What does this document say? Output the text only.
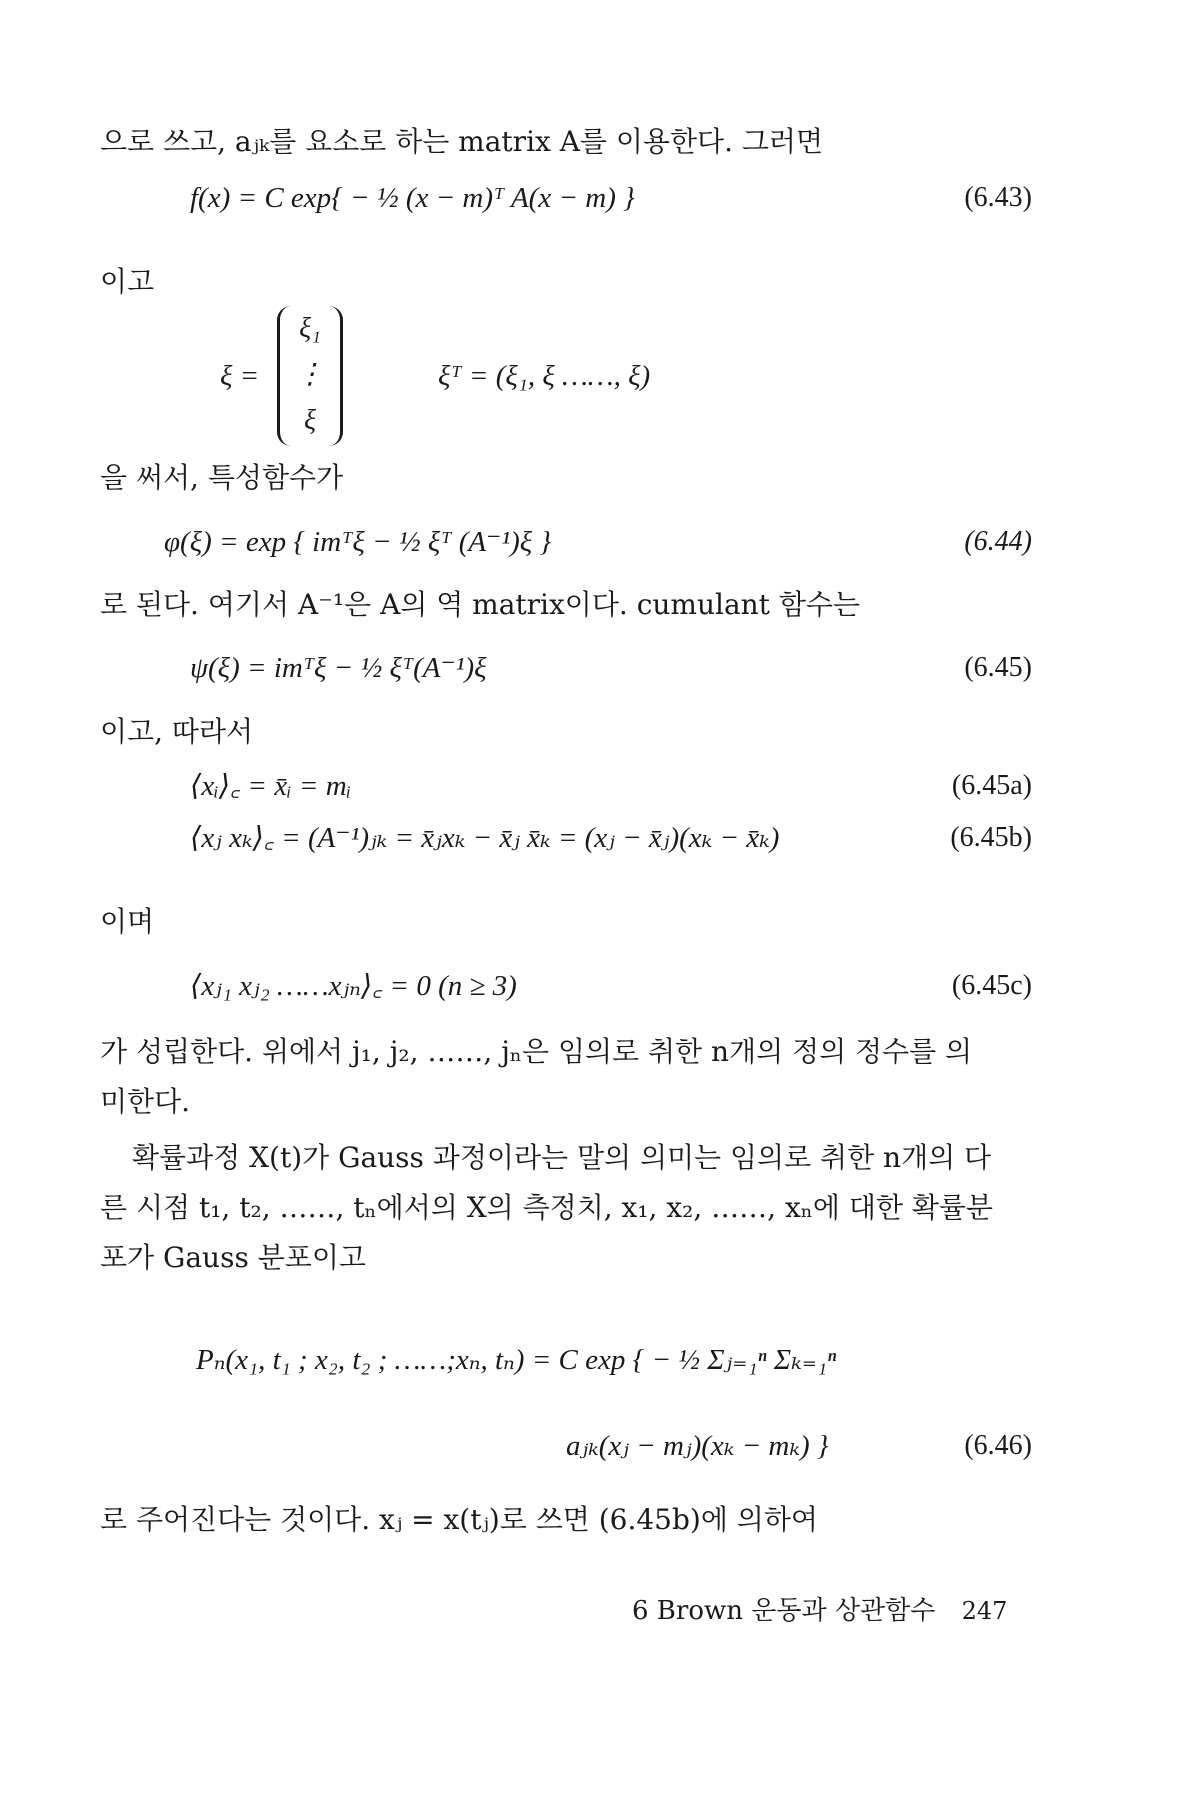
으로 쓰고, aⱼₖ를 요소로 하는 matrix A를 이용한다. 그러면
f(x) = C exp{ − ½ (x − m)ᵀ A(x − m) }	(6.43)
이고
ξ =
ξ₁
⋮
ξ
ξᵀ = (ξ₁, ξ ……, ξ)
을 써서, 특성함수가
φ(ξ) = exp { imᵀξ − ½ ξᵀ (A⁻¹)ξ }	(6.44)
로 된다. 여기서 A⁻¹은 A의 역 matrix이다. cumulant 함수는
ψ(ξ) = imᵀξ − ½ ξᵀ(A⁻¹)ξ	(6.45)
이고, 따라서
⟨xᵢ⟩꜀ = x̄ᵢ = mᵢ	(6.45a)
⟨xⱼ xₖ⟩꜀ = (A⁻¹)ⱼₖ = x̄ⱼxₖ − x̄ⱼ x̄ₖ = (xⱼ − x̄ⱼ)(xₖ − x̄ₖ)	(6.45b)
이며
⟨xⱼ₁ xⱼ₂ ……xⱼₙ⟩꜀ = 0 (n ≥ 3)	(6.45c)
가 성립한다. 위에서 j₁, j₂, ……, jₙ은 임의로 취한 n개의 정의 정수를 의
미한다.
확률과정 X(t)가 Gauss 과정이라는 말의 의미는 임의로 취한 n개의 다
른 시점 t₁, t₂, ……, tₙ에서의 X의 측정치, x₁, x₂, ……, xₙ에 대한 확률분
포가 Gauss 분포이고
Pₙ(x₁, t₁ ; x₂, t₂ ; ……;xₙ, tₙ) = C exp { − ½ Σⱼ₌₁ⁿ Σₖ₌₁ⁿ
aⱼₖ(xⱼ − mⱼ)(xₖ − mₖ) }	(6.46)
로 주어진다는 것이다. xⱼ = x(tⱼ)로 쓰면 (6.45b)에 의하여
6 Brown 운동과 상관함수 247
